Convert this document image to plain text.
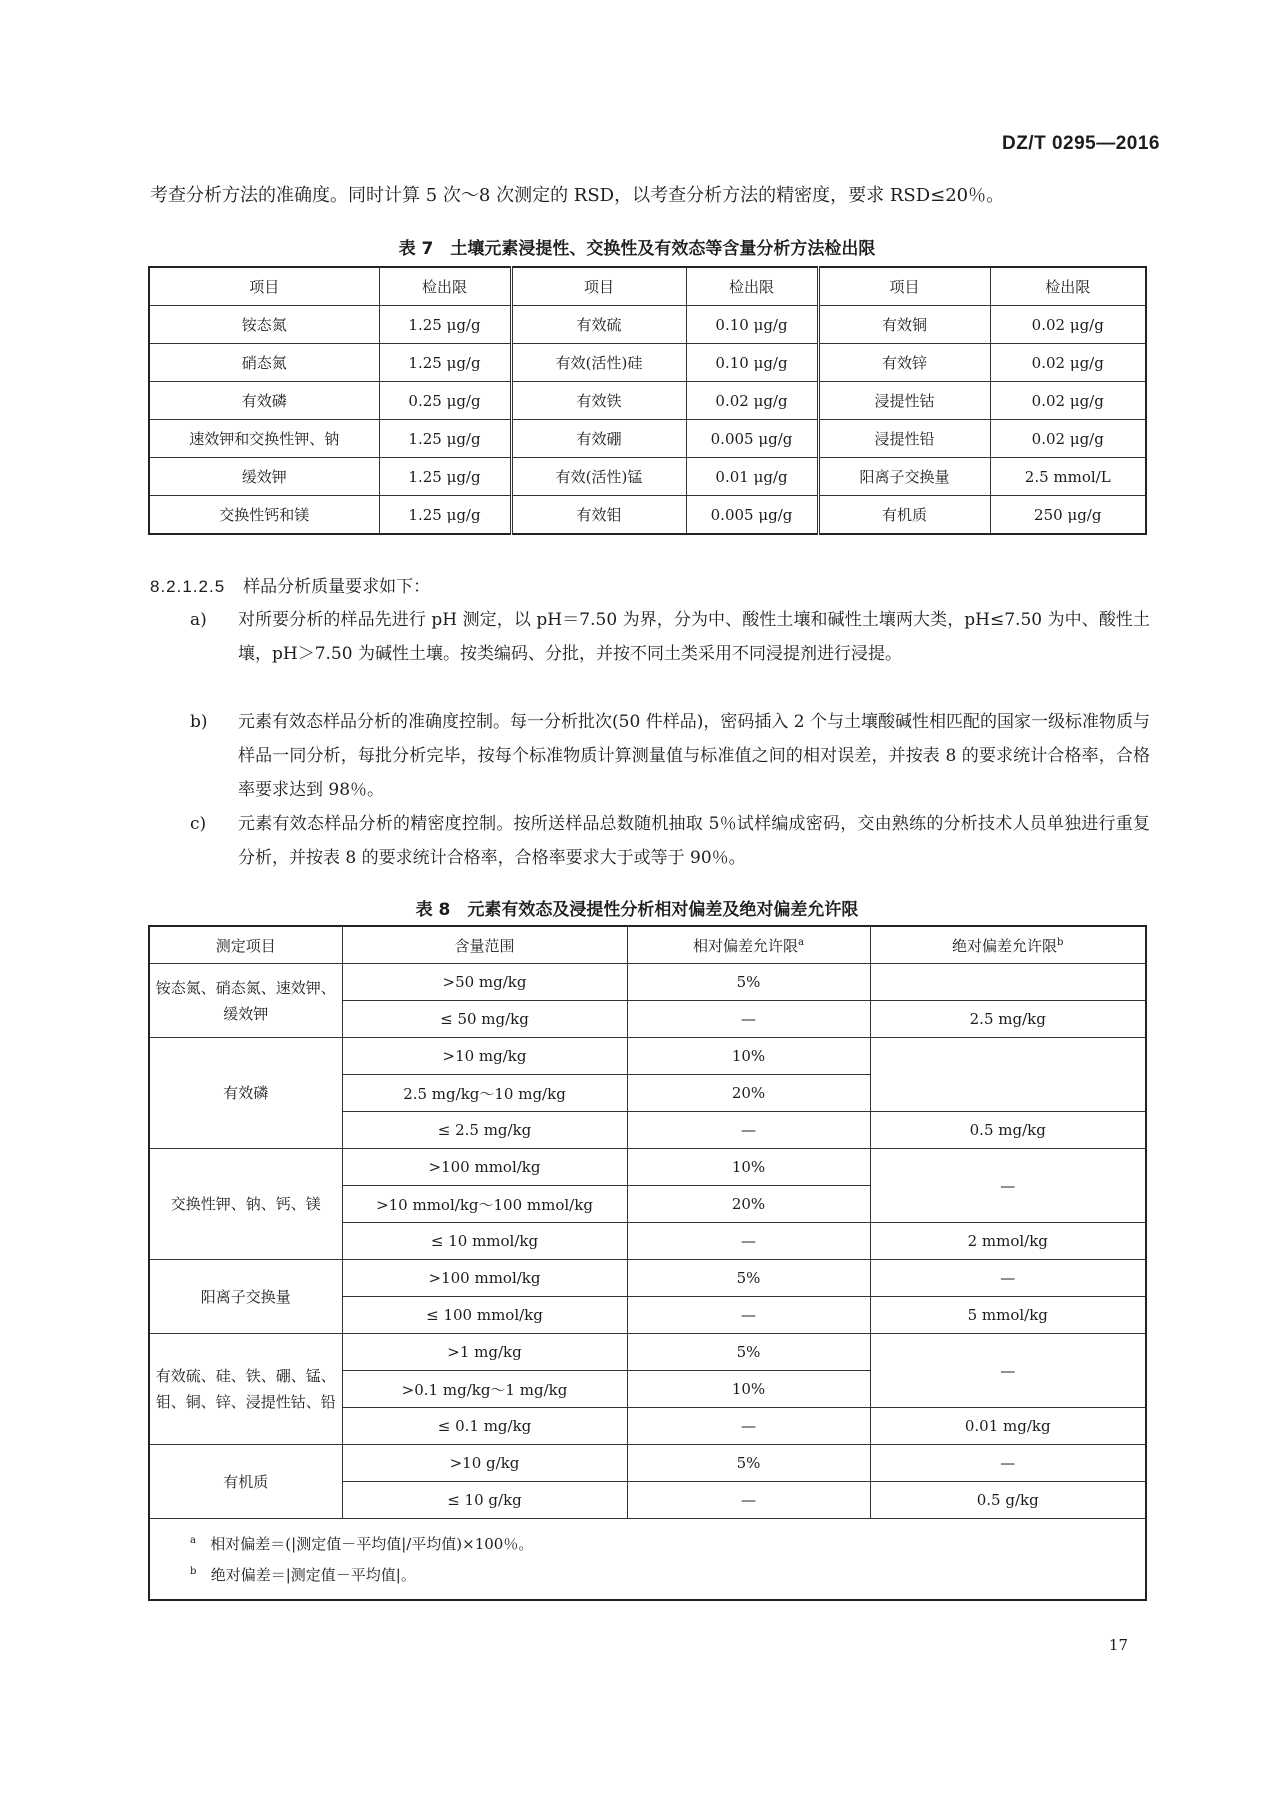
DZ/T 0295—2016
考查分析方法的准确度。同时计算 5 次～8 次测定的 RSD，以考查分析方法的精密度，要求 RSD≤20％。
表 7　土壤元素浸提性、交换性及有效态等含量分析方法检出限
项目	检出限	项目	检出限	项目	检出限
铵态氮	1.25 μg/g	有效硫	0.10 μg/g	有效铜	0.02 μg/g
硝态氮	1.25 μg/g	有效(活性)硅	0.10 μg/g	有效锌	0.02 μg/g
有效磷	0.25 μg/g	有效铁	0.02 μg/g	浸提性钴	0.02 μg/g
速效钾和交换性钾、钠	1.25 μg/g	有效硼	0.005 μg/g	浸提性铅	0.02 μg/g
缓效钾	1.25 μg/g	有效(活性)锰	0.01 μg/g	阳离子交换量	2.5 mmol/L
交换性钙和镁	1.25 μg/g	有效钼	0.005 μg/g	有机质	250 μg/g
8.2.1.2.5 样品分析质量要求如下：
a) 对所要分析的样品先进行 pH 测定，以 pH＝7.50 为界，分为中、酸性土壤和碱性土壤两大类，pH≤7.50 为中、酸性土壤，pH＞7.50 为碱性土壤。按类编码、分批，并按不同土类采用不同浸提剂进行浸提。
b) 元素有效态样品分析的准确度控制。每一分析批次(50 件样品)，密码插入 2 个与土壤酸碱性相匹配的国家一级标准物质与样品一同分析，每批分析完毕，按每个标准物质计算测量值与标准值之间的相对误差，并按表 8 的要求统计合格率，合格率要求达到 98％。
c) 元素有效态样品分析的精密度控制。按所送样品总数随机抽取 5％试样编成密码，交由熟练的分析技术人员单独进行重复分析，并按表 8 的要求统计合格率，合格率要求大于或等于 90％。
表 8　元素有效态及浸提性分析相对偏差及绝对偏差允许限
测定项目	含量范围	相对偏差允许限$^a$	绝对偏差允许限$^b$
铵态氮、硝态氮、速效钾、缓效钾	>50 mg/kg	5%	
	≤ 50 mg/kg	—	2.5 mg/kg
有效磷	>10 mg/kg	10%	
	2.5 mg/kg～10 mg/kg	20%	
	≤ 2.5 mg/kg	—	0.5 mg/kg
交换性钾、钠、钙、镁	>100 mmol/kg	10%	—
	>10 mmol/kg～100 mmol/kg	20%	
	≤ 10 mmol/kg	—	2 mmol/kg
阳离子交换量	>100 mmol/kg	5%	—
	≤ 100 mmol/kg	—	5 mmol/kg
有效硫、硅、铁、硼、锰、钼、铜、锌、浸提性钴、铅	>1 mg/kg	5%	—
	>0.1 mg/kg～1 mg/kg	10%	
	≤ 0.1 mg/kg	—	0.01 mg/kg
有机质	>10 g/kg	5%	—
	≤ 10 g/kg	—	0.5 g/kg

$^a$ 相对偏差＝(|测定值－平均值|/平均值)×100％。
$^b$ 绝对偏差＝|测定值－平均值|。			
17
